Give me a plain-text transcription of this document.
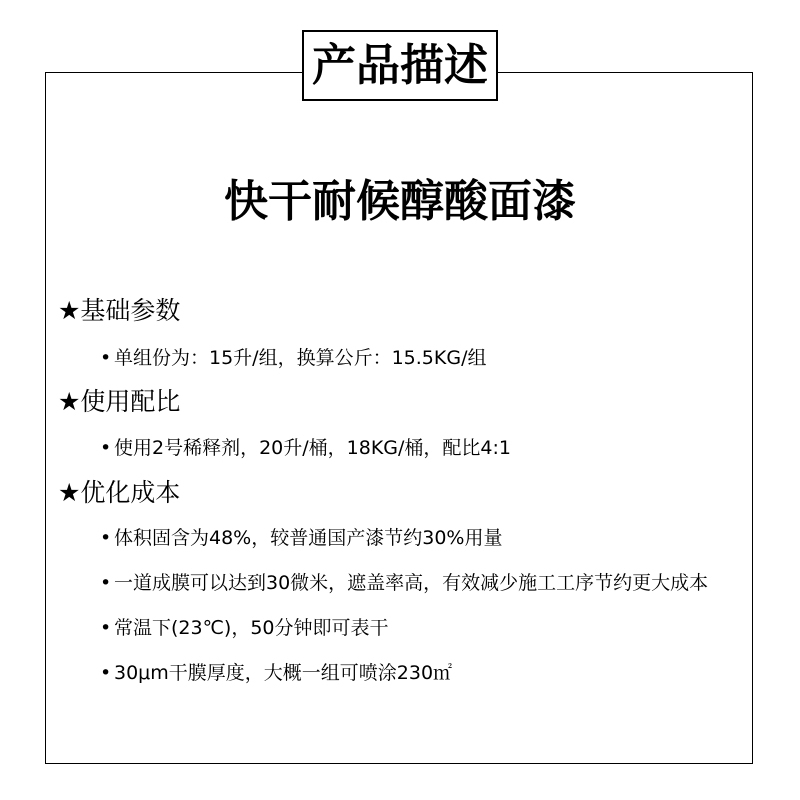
产品描述
快干耐候醇酸面漆
★基础参数
• 单组份为：15升/组，换算公斤：15.5KG/组
★使用配比
• 使用2号稀释剂，20升/桶，18KG/桶，配比4:1
★优化成本
• 体积固含为48%，较普通国产漆节约30%用量
• 一道成膜可以达到30微米，遮盖率高，有效减少施工工序节约更大成本
• 常温下(23℃)，50分钟即可表干
• 30μm干膜厚度，大概一组可喷涂230㎡
